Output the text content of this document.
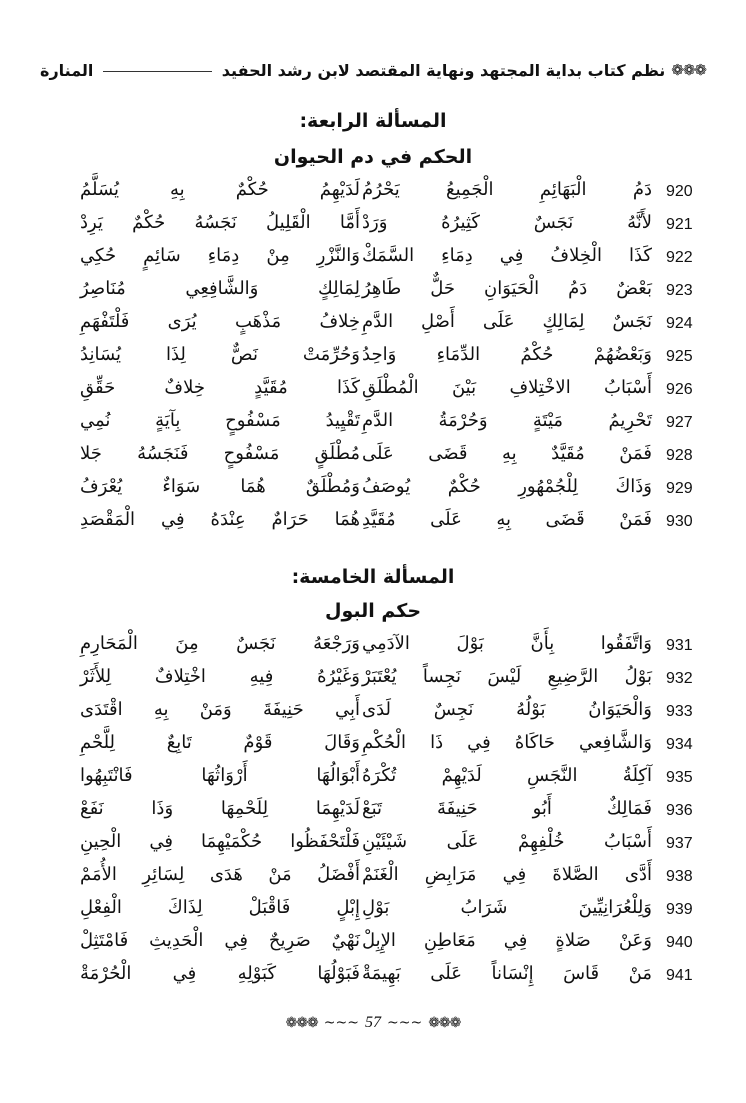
❁❁❁
نظم كتاب بداية المجتهد ونهاية المقتصد لابن رشد الحفيد
المنارة
المسألة الرابعة:
الحكم في دم الحيوان
920
دَمُ الْبَهَائِمِ الْجَمِيعُ يَحْرُمُ
لَدَيْهِمُ حُكْمٌ بِهِ يُسَلَّمُ
921
لأَنَّهُ نَجَسٌ كَثِيرُهُ وَرَدْ
أَمَّا الْقَلِيلُ نَجَسُهُ حُكْمٌ يَرِدْ
922
كَذَا الْخِلافُ فِي دِمَاءِ السَّمَكْ
وَالنَّزْرِ مِنْ دِمَاءِ سَائِمٍ حُكِي
923
بَعْضٌ دَمُ الْحَيَوَانِ حَلٌّ طَاهِرُ
لِمَالِكٍ وَالشَّافِعِي مُنَاصِرُ
924
نَجَسٌ لِمَالِكٍ عَلَى أَصْلِ الدَّمِ
خِلافُ مَذْهَبٍ يُرَى فَلْتَفْهَمِ
925
وَبَعْضُهُمْ حُكْمُ الدِّمَاءِ وَاحِدُ
وَحُرِّمَتْ نَصٌّ لِذَا يُسَانِدُ
926
أَسْبَابُ الاخْتِلافِ بَيْنَ الْمُطْلَقِ
كَذَا مُقَيَّدٍ خِلافٌ حَقِّقِ
927
تَحْرِيمُ مَيْتَةٍ وَحُرْمَةُ الدَّمِ
تَقْيِيدُ مَسْفُوحٍ بِآيَةٍ نُمِي
928
فَمَنْ مُقَيَّدٌ بِهِ قَضَى عَلَى
مُطْلَقٍ مَسْفُوحٍ فَنَجَسُهُ جَلا
929
وَذَاكَ لِلْجُمْهُورِ حُكْمٌ يُوصَفُ
وَمُطْلَقٌ هُمَا سَوَاءٌ يُعْرَفُ
930
فَمَنْ قَضَى بِهِ عَلَى مُقَيَّدِ
هُمَا حَرَامٌ عِنْدَهُ فِي الْمَقْصَدِ
المسألة الخامسة:
حكم البول
931
وَاتَّفَقُوا بِأَنَّ بَوْلَ الآدَمِي
وَرَجْعَهُ نَجَسٌ مِنَ الْمَحَارِمِ
932
بَوْلُ الرَّضِيعِ لَيْسَ نَجِساً يُعْتَبَرْ
وَغَيْرُهُ فِيهِ اخْتِلافٌ لِلأَثَرْ
933
وَالْحَيَوَانُ بَوْلُهُ نَجِسٌ لَدَى
أَبِي حَنِيفَةَ وَمَنْ بِهِ اقْتَدَى
934
وَالشَّافِعي حَاكَاهُ فِي ذَا الْحُكْمِ
وَقَالَ قَوْمٌ تَابِعٌ لِلَّحْمِ
935
آكِلَةُ النَّجَسِ لَدَيْهِمْ تُكْرَهُ
أَبْوَالُهَا أَرْوَاثُهَا فَانْتَبِهُوا
936
فَمَالِكٌ أَبُو حَنِيفَةَ تَبَعْ
لَدَيْهِمَا لِلَحْمِهَا وَذَا نَفَعْ
937
أَسْبَابُ خُلْفِهِمْ عَلَى شَيْئَيْنِ
فَلْتَحْفَظُوا حُكْمَيْهِمَا فِي الْحِينِ
938
أَدَّى الصَّلاةَ فِي مَرَابِضِ الْغَنَمْ
أَفْضَلُ مَنْ هَدَى لِسَائِرِ الأُمَمْ
939
وَلِلْعُرَانِيِّينَ شَرَابُ بَوْلِ
إِبْلٍ فَاقْبَلْ لِذَاكَ الْفِعْلِ
940
وَعَنْ صَلاةٍ فِي مَعَاطِنِ الإِبِلْ
نَهْيٌ صَرِيحٌ فِي الْحَدِيثِ فَامْتَثِلْ
941
مَنْ قَاسَ إِنْسَاناً عَلَى بَهِيمَةْ
فَبَوْلُهَا كَبَوْلِهِ فِي الْحُرْمَةْ
❁❁❁ ~~~ 57 ~~~ ❁❁❁
